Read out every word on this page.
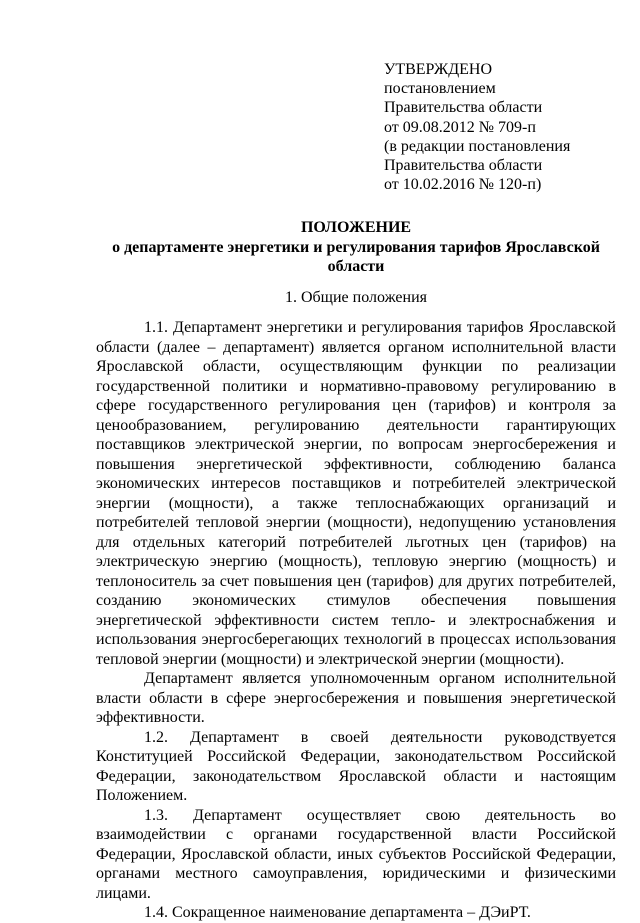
УТВЕРЖДЕНО
постановлением
Правительства области
от 09.08.2012 № 709-п
(в редакции постановления
Правительства области
от 10.02.2016 № 120-п)
ПОЛОЖЕНИЕ
о департаменте энергетики и регулирования тарифов Ярославской области
1. Общие положения

1.1. Департамент энергетики и регулирования тарифов Ярославской области (далее – департамент) является органом исполнительной власти Ярославской области, осуществляющим функции по реализации государственной политики и нормативно-правовому регулированию в сфере государственного регулирования цен (тарифов) и контроля за ценообразованием, регулированию деятельности гарантирующих поставщиков электрической энергии, по вопросам энергосбережения и повышения энергетической эффективности, соблюдению баланса экономических интересов поставщиков и потребителей электрической энергии (мощности), а также теплоснабжающих организаций и потребителей тепловой энергии (мощности), недопущению установления для отдельных категорий потребителей льготных цен (тарифов) на электрическую энергию (мощность), тепловую энергию (мощность) и теплоноситель за счет повышения цен (тарифов) для других потребителей, созданию экономических стимулов обеспечения повышения энергетической эффективности систем тепло- и электроснабжения и использования энергосберегающих технологий в процессах использования тепловой энергии (мощности) и электрической энергии (мощности).

Департамент является уполномоченным органом исполнительной власти области в сфере энергосбережения и повышения энергетической эффективности.

1.2. Департамент в своей деятельности руководствуется Конституцией Российской Федерации, законодательством Российской Федерации, законодательством Ярославской области и настоящим Положением.

1.3. Департамент осуществляет свою деятельность во взаимодействии с органами государственной власти Российской Федерации, Ярославской области, иных субъектов Российской Федерации, органами местного самоуправления, юридическими и физическими лицами.

1.4. Сокращенное наименование департамента – ДЭиРТ.
